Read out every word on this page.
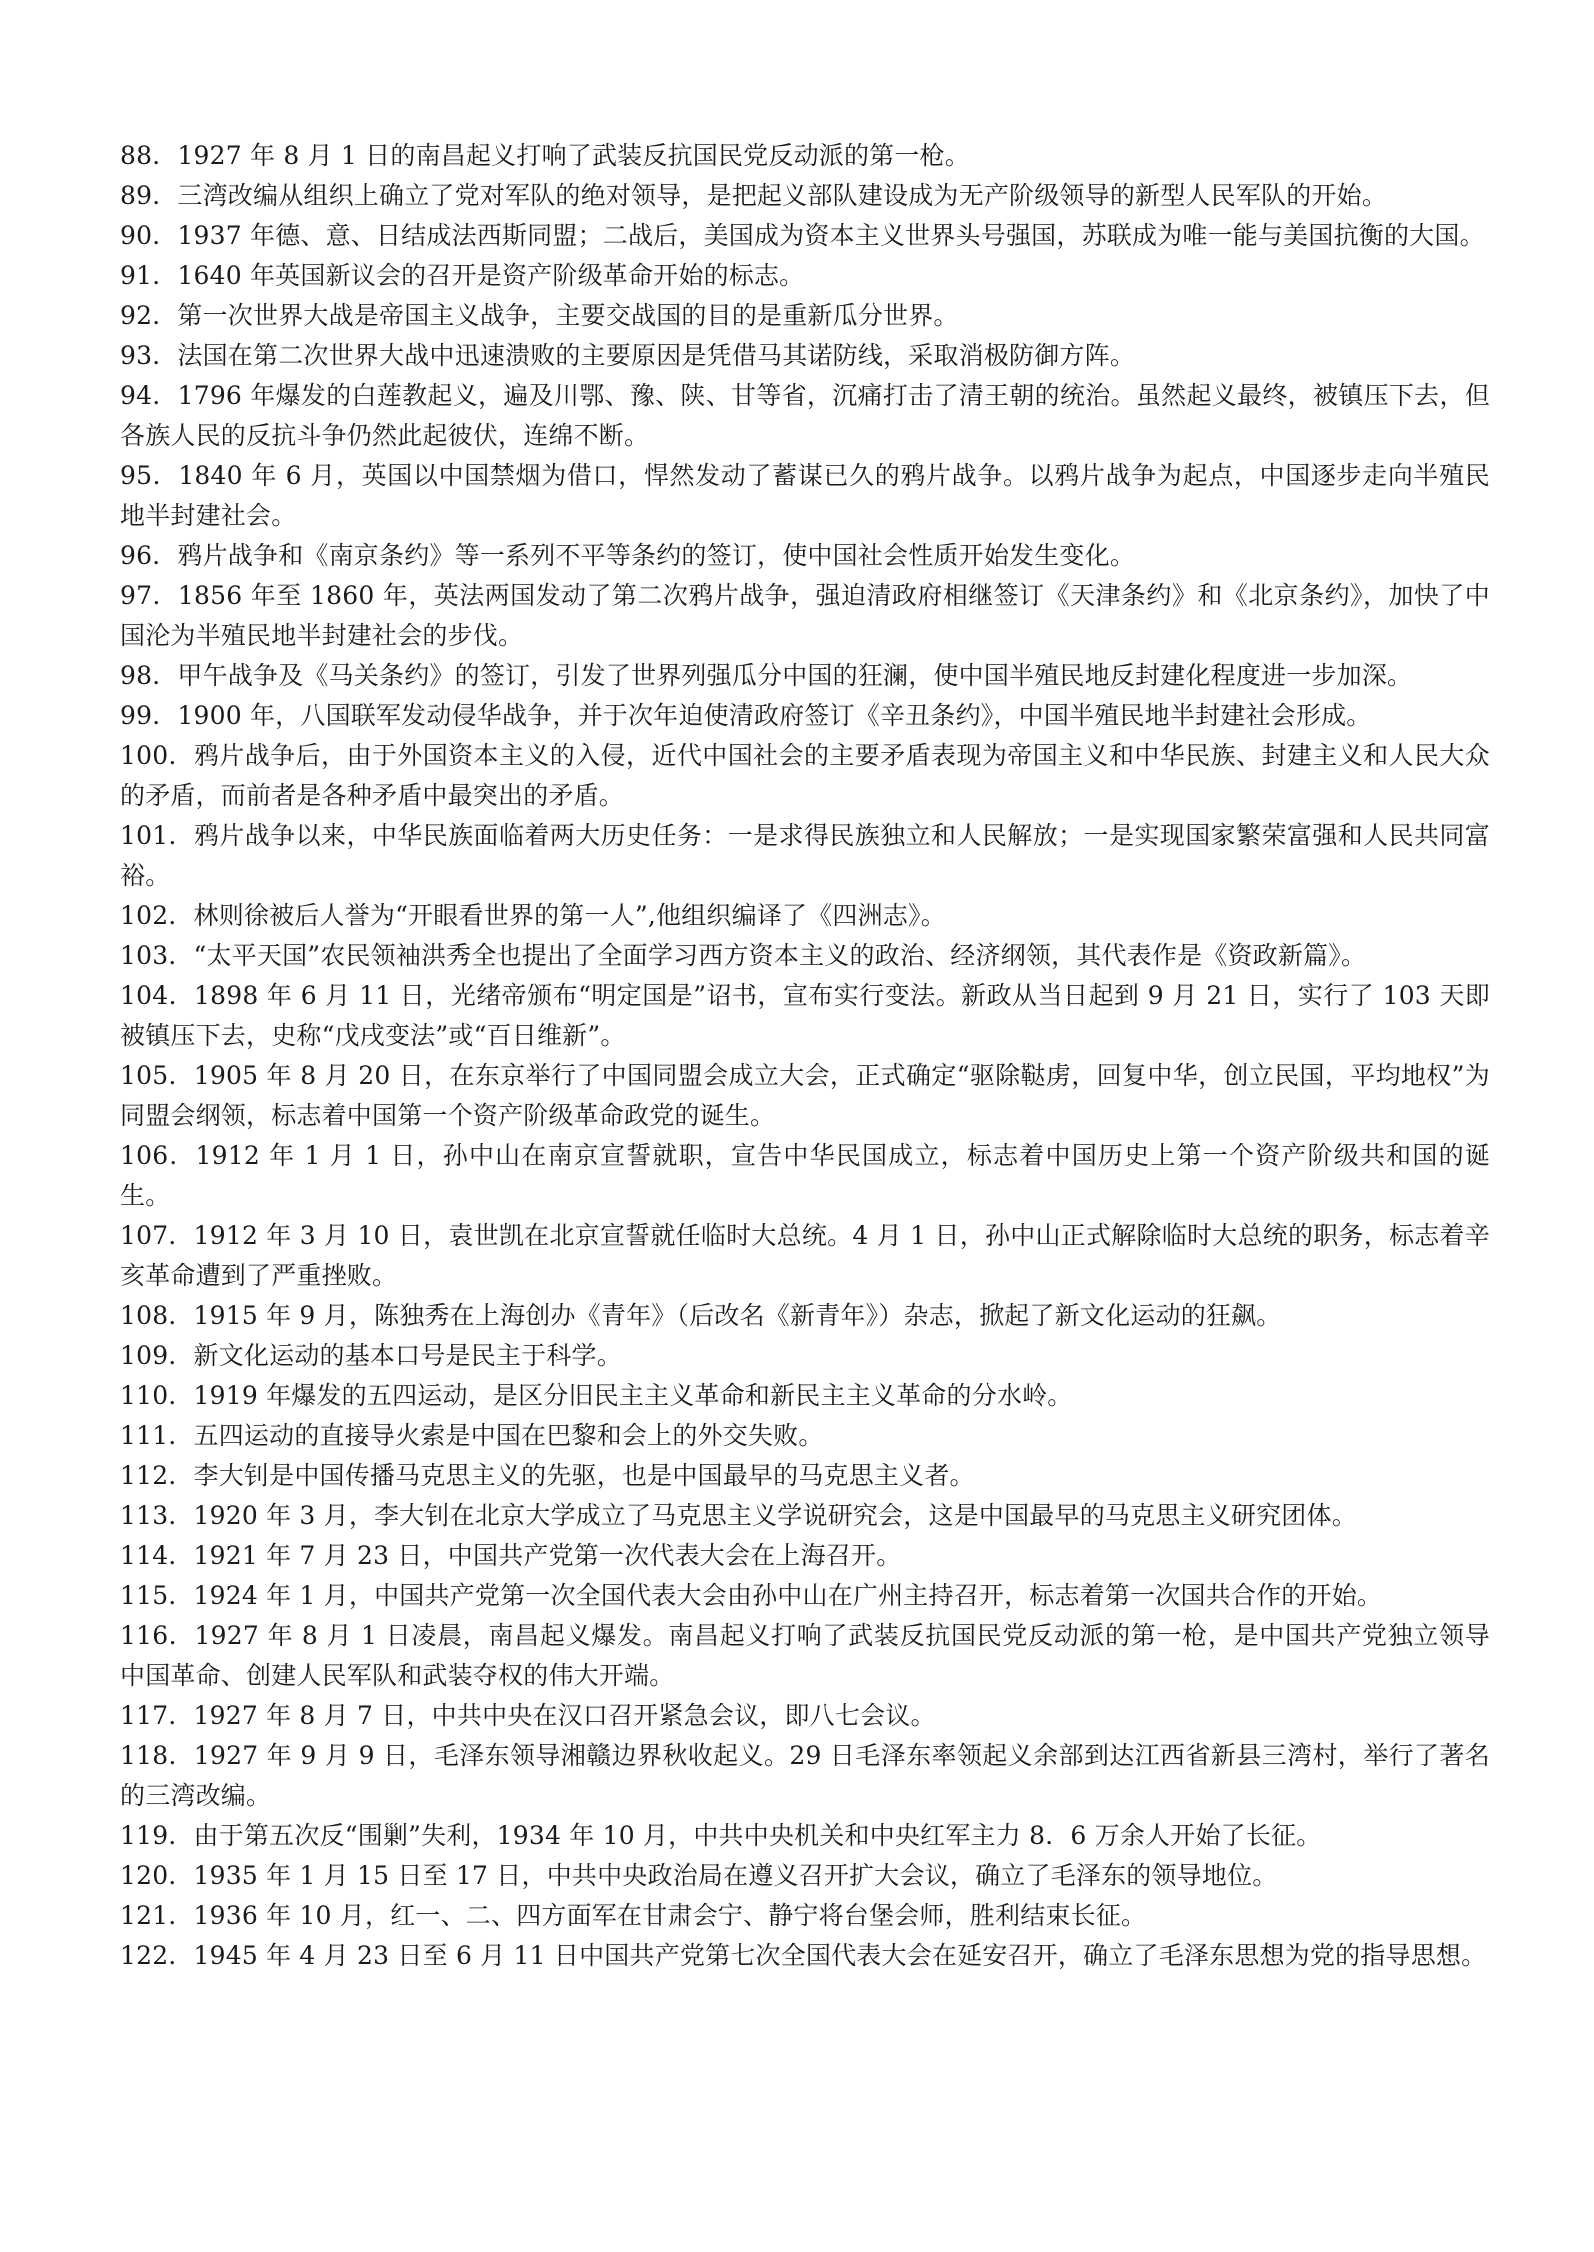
88．1927 年 8 月 1 日的南昌起义打响了武装反抗国民党反动派的第一枪。

89．三湾改编从组织上确立了党对军队的绝对领导，是把起义部队建设成为无产阶级领导的新型人民军队的开始。

90．1937 年德、意、日结成法西斯同盟；二战后，美国成为资本主义世界头号强国，苏联成为唯一能与美国抗衡的大国。

91．1640 年英国新议会的召开是资产阶级革命开始的标志。

92．第一次世界大战是帝国主义战争，主要交战国的目的是重新瓜分世界。

93．法国在第二次世界大战中迅速溃败的主要原因是凭借马其诺防线，采取消极防御方阵。

94．1796 年爆发的白莲教起义，遍及川鄂、豫、陕、甘等省，沉痛打击了清王朝的统治。虽然起义最终，被镇压下去，但各族人民的反抗斗争仍然此起彼伏，连绵不断。

95．1840 年 6 月，英国以中国禁烟为借口，悍然发动了蓄谋已久的鸦片战争。以鸦片战争为起点，中国逐步走向半殖民地半封建社会。

96．鸦片战争和《南京条约》等一系列不平等条约的签订，使中国社会性质开始发生变化。

97．1856 年至 1860 年，英法两国发动了第二次鸦片战争，强迫清政府相继签订《天津条约》和《北京条约》，加快了中国沦为半殖民地半封建社会的步伐。

98．甲午战争及《马关条约》的签订，引发了世界列强瓜分中国的狂澜，使中国半殖民地反封建化程度进一步加深。

99．1900 年，八国联军发动侵华战争，并于次年迫使清政府签订《辛丑条约》，中国半殖民地半封建社会形成。

100．鸦片战争后，由于外国资本主义的入侵，近代中国社会的主要矛盾表现为帝国主义和中华民族、封建主义和人民大众的矛盾，而前者是各种矛盾中最突出的矛盾。

101．鸦片战争以来，中华民族面临着两大历史任务：一是求得民族独立和人民解放；一是实现国家繁荣富强和人民共同富裕。

102．林则徐被后人誉为“开眼看世界的第一人”,他组织编译了《四洲志》。

103．“太平天国”农民领袖洪秀全也提出了全面学习西方资本主义的政治、经济纲领，其代表作是《资政新篇》。

104．1898 年 6 月 11 日，光绪帝颁布“明定国是”诏书，宣布实行变法。新政从当日起到 9 月 21 日，实行了 103 天即被镇压下去，史称“戊戌变法”或“百日维新”。

105．1905 年 8 月 20 日，在东京举行了中国同盟会成立大会，正式确定“驱除鞑虏，回复中华，创立民国，平均地权”为同盟会纲领，标志着中国第一个资产阶级革命政党的诞生。

106．1912 年 1 月 1 日，孙中山在南京宣誓就职，宣告中华民国成立，标志着中国历史上第一个资产阶级共和国的诞生。

107．1912 年 3 月 10 日，袁世凯在北京宣誓就任临时大总统。4 月 1 日，孙中山正式解除临时大总统的职务，标志着辛亥革命遭到了严重挫败。

108．1915 年 9 月，陈独秀在上海创办《青年》（后改名《新青年》）杂志，掀起了新文化运动的狂飙。

109．新文化运动的基本口号是民主于科学。

110．1919 年爆发的五四运动，是区分旧民主主义革命和新民主主义革命的分水岭。

111．五四运动的直接导火索是中国在巴黎和会上的外交失败。

112．李大钊是中国传播马克思主义的先驱，也是中国最早的马克思主义者。

113．1920 年 3 月，李大钊在北京大学成立了马克思主义学说研究会，这是中国最早的马克思主义研究团体。

114．1921 年 7 月 23 日，中国共产党第一次代表大会在上海召开。

115．1924 年 1 月，中国共产党第一次全国代表大会由孙中山在广州主持召开，标志着第一次国共合作的开始。

116．1927 年 8 月 1 日凌晨，南昌起义爆发。南昌起义打响了武装反抗国民党反动派的第一枪，是中国共产党独立领导中国革命、创建人民军队和武装夺权的伟大开端。

117．1927 年 8 月 7 日，中共中央在汉口召开紧急会议，即八七会议。

118．1927 年 9 月 9 日，毛泽东领导湘赣边界秋收起义。29 日毛泽东率领起义余部到达江西省新县三湾村，举行了著名的三湾改编。

119．由于第五次反“围剿”失利，1934 年 10 月，中共中央机关和中央红军主力 8．6 万余人开始了长征。

120．1935 年 1 月 15 日至 17 日，中共中央政治局在遵义召开扩大会议，确立了毛泽东的领导地位。

121．1936 年 10 月，红一、二、四方面军在甘肃会宁、静宁将台堡会师，胜利结束长征。

122．1945 年 4 月 23 日至 6 月 11 日中国共产党第七次全国代表大会在延安召开，确立了毛泽东思想为党的指导思想。
